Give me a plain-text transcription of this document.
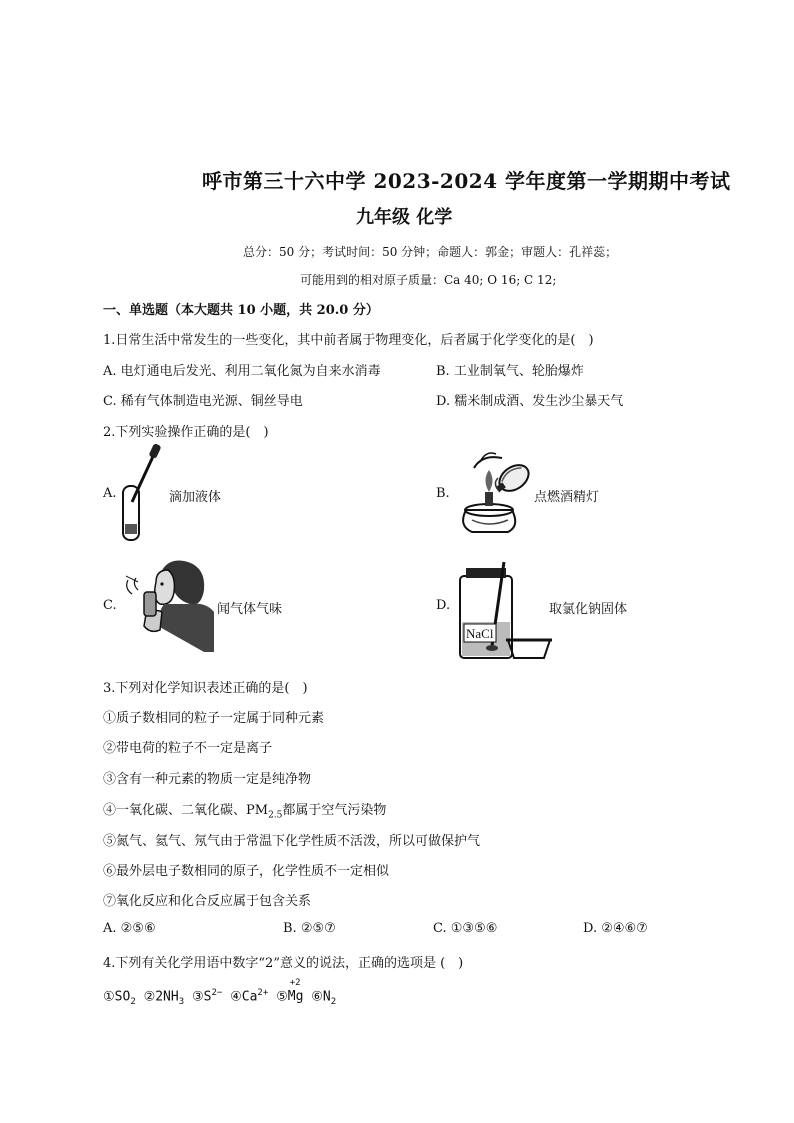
呼市第三十六中学 2023-2024 学年度第一学期期中考试
九年级 化学
总分：50 分；考试时间：50 分钟；命题人：郭金；审题人：孔祥蕊；
可能用到的相对原子质量：Ca 40; O 16; C 12;
一、单选题（本大题共 10 小题，共 20.0 分）
1.日常生活中常发生的一些变化，其中前者属于物理变化，后者属于化学变化的是(　)
A. 电灯通电后发光、利用二氧化氮为自来水消毒	B. 工业制氧气、轮胎爆炸
C. 稀有气体制造电光源、铜丝导电	D. 糯米制成酒、发生沙尘暴天气
2.下列实验操作正确的是(　)
A.	滴加液体	B.	点燃酒精灯
C.	闻气体气味	D.
NaCl
取氯化钠固体
3.下列对化学知识表述正确的是(　)
①质子数相同的粒子一定属于同种元素
②带电荷的粒子不一定是离子
③含有一种元素的物质一定是纯净物
④一氧化碳、二氧化碳、$PM_{2.5}$都属于空气污染物
⑤氮气、氦气、氖气由于常温下化学性质不活泼，所以可做保护气
⑥最外层电子数相同的原子，化学性质不一定相似
⑦氧化反应和化合反应属于包含关系
A. ②⑤⑥	B. ②⑤⑦	C. ①③⑤⑥	D. ②④⑥⑦
4.下列有关化学用语中数字“2”意义的说法，正确的选项是 (　)
$①SO_2$ $②2NH_3$ $③S^{2-}$ $④Ca^{2+}$ ⑤
+2
Mg $⑥N_2$
